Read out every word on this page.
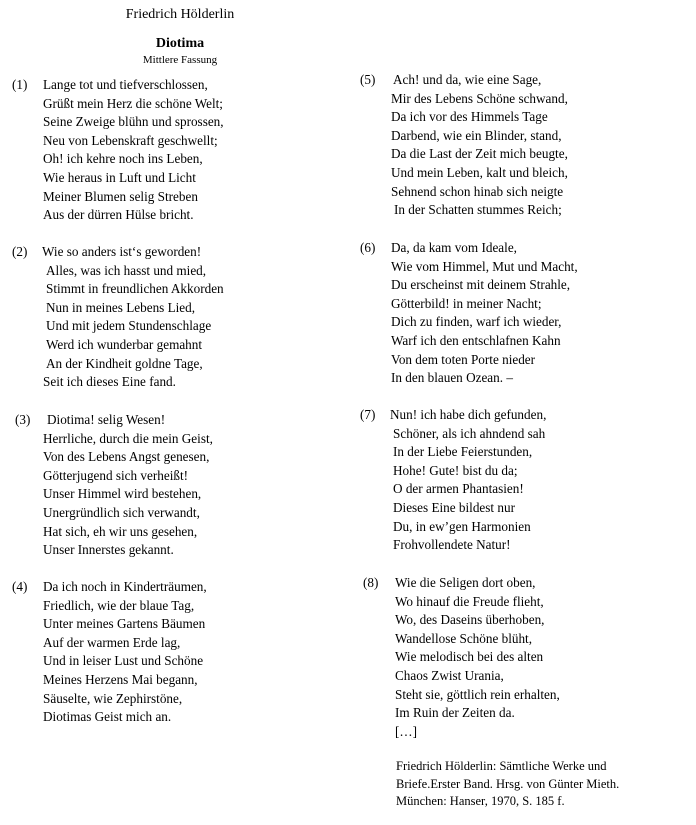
Friedrich Hölderlin
Diotima
Mittlere Fassung
(1) Lange tot und tiefverschlossen,
Grüßt mein Herz die schöne Welt;
Seine Zweige blühn und sprossen,
Neu von Lebenskraft geschwellt;
Oh! ich kehre noch ins Leben,
Wie heraus in Luft und Licht
Meiner Blumen selig Streben
Aus der dürren Hülse bricht.
(2) Wie so anders ist‘s geworden!
Alles, was ich hasst und mied,
Stimmt in freundlichen Akkorden
Nun in meines Lebens Lied,
Und mit jedem Stundenschlage
Werd ich wunderbar gemahnt
An der Kindheit goldne Tage,
Seit ich dieses Eine fand.
(3)	Diotima! selig Wesen!
Herrliche, durch die mein Geist,
Von des Lebens Angst genesen,
Götterjugend sich verheißt!
Unser Himmel wird bestehen,
Unergründlich sich verwandt,
Hat sich, eh wir uns gesehen,
Unser Innerstes gekannt.
(4) Da ich noch in Kinderträumen,
Friedlich, wie der blaue Tag,
Unter meines Gartens Bäumen
Auf der warmen Erde lag,
Und in leiser Lust und Schöne
Meines Herzens Mai begann,
Säuselte, wie Zephirstöne,
Diotimas Geist mich an.
(5) Ach! und da, wie eine Sage,
Mir des Lebens Schöne schwand,
Da ich vor des Himmels Tage
Darbend, wie ein Blinder, stand,
Da die Last der Zeit mich beugte,
Und mein Leben, kalt und bleich,
Sehnend schon hinab sich neigte
In der Schatten stummes Reich;
(6) Da, da kam vom Ideale,
Wie vom Himmel, Mut und Macht,
Du erscheinst mit deinem Strahle,
Götterbild! in meiner Nacht;
Dich zu finden, warf ich wieder,
Warf ich den entschlafnen Kahn
Von dem toten Porte nieder
In den blauen Ozean. –
(7) Nun! ich habe dich gefunden,
Schöner, als ich ahndend sah
In der Liebe Feierstunden,
Hohe! Gute! bist du da;
O der armen Phantasien!
Dieses Eine bildest nur
Du, in ew’gen Harmonien
Frohvollendete Natur!
(8) Wie die Seligen dort oben,
Wo hinauf die Freude flieht,
Wo, des Daseins überhoben,
Wandellose Schöne blüht,
Wie melodisch bei des alten
Chaos Zwist Urania,
Steht sie, göttlich rein erhalten,
Im Ruin der Zeiten da.
[…]
Friedrich Hölderlin: Sämtliche Werke und
Briefe.Erster Band. Hrsg. von Günter Mieth.
München: Hanser, 1970, S. 185 f.
